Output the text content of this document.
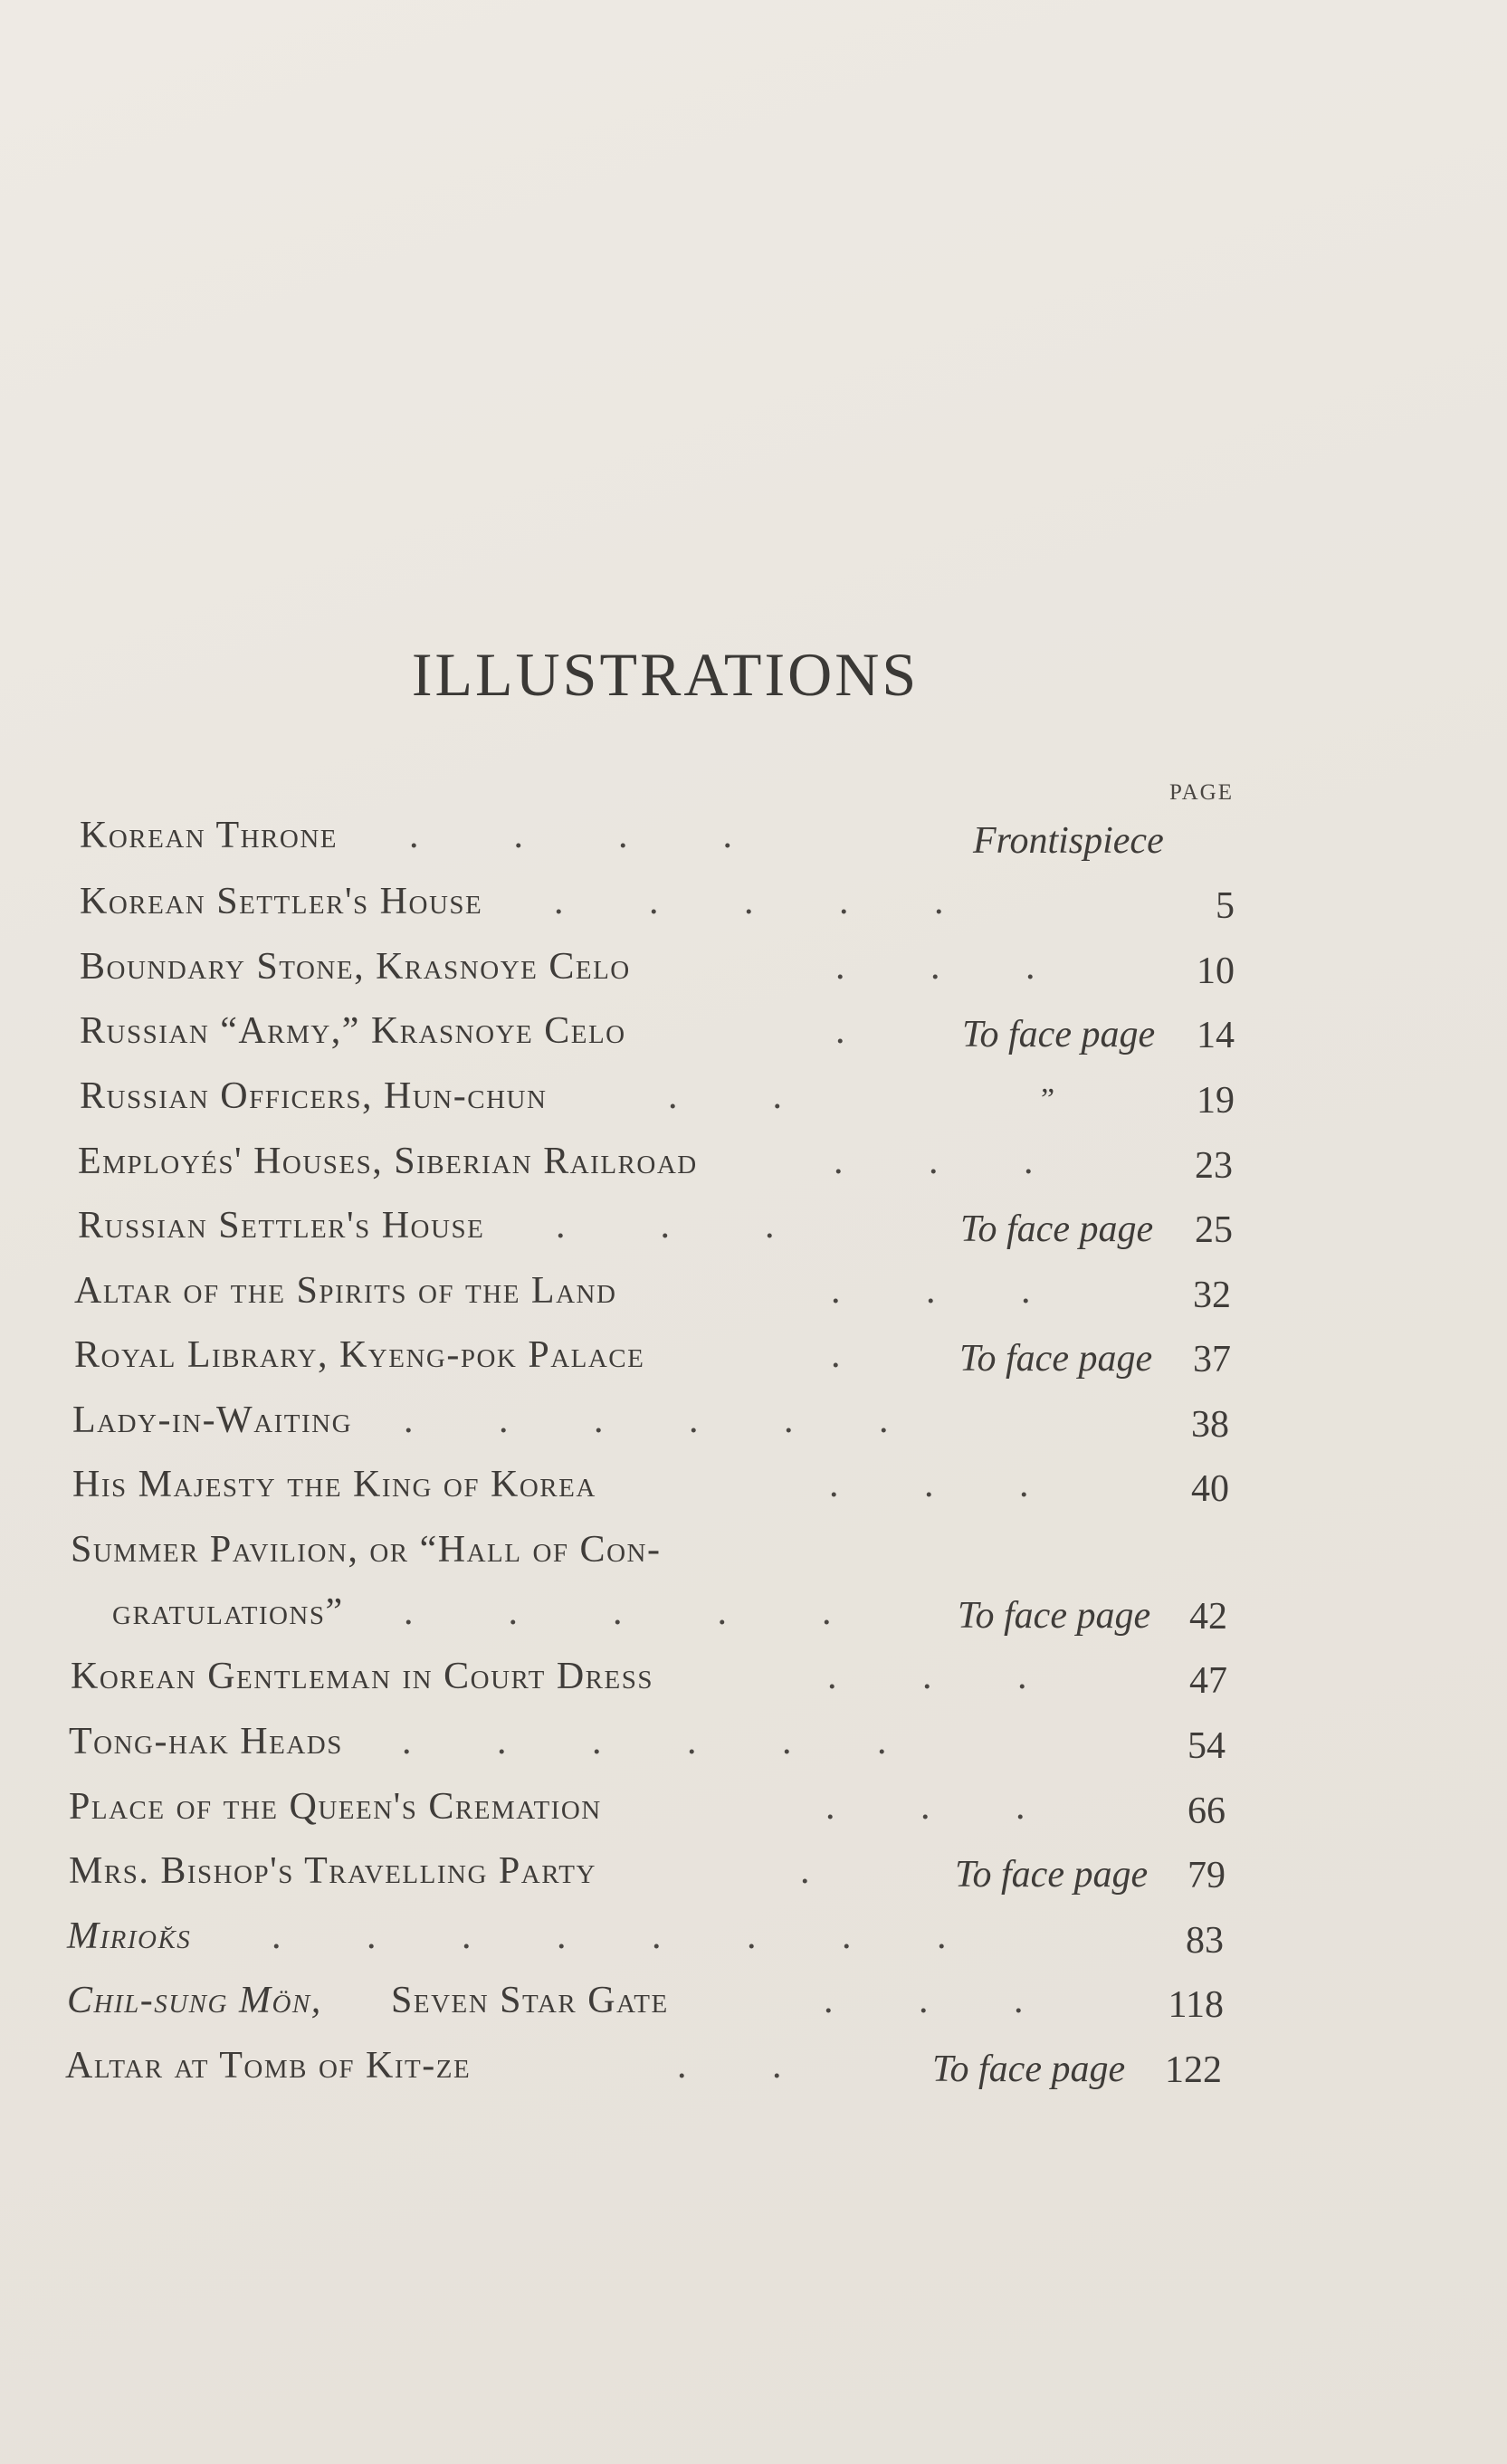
ILLUSTRATIONS
PAGE
Korean Throne .          .          .          .	Frontispiece
Korean Settler's House .         .         .         .         .	5
Boundary Stone, Krasnoye Celo	.         .         .	10
Russian “Army,” Krasnoye Celo	.	To face page	14
Russian Officers, Hun-chun	.          .	”	19
Employés' Houses, Siberian Railroad	.         .         .	23
Russian Settler's House .          .          .	To face page	25
Altar of the Spirits of the Land	.         .         .	32
Royal Library, Kyeng-pok Palace	.	To face page	37
Lady-in-Waiting .         .         .         .         .         .	38
His Majesty the King of Korea	.         .         .	40
Summer Pavilion, or “Hall of Con-
gratulations” .          .          .          .          .	To face page	42
Korean Gentleman in Court Dress	.         .         .	47
Tong-hak Heads .         .         .         .         .         .	54
Place of the Queen's Cremation	.         .         .	66
Mrs. Bishop's Travelling Party	.	To face page	79
Miriok̆s .         .         .         .         .         .         .         .	83
Chil-sung Mön, Seven Star Gate	.         .         .	118
Altar at Tomb of Kit-ze	.         .	To face page	122
